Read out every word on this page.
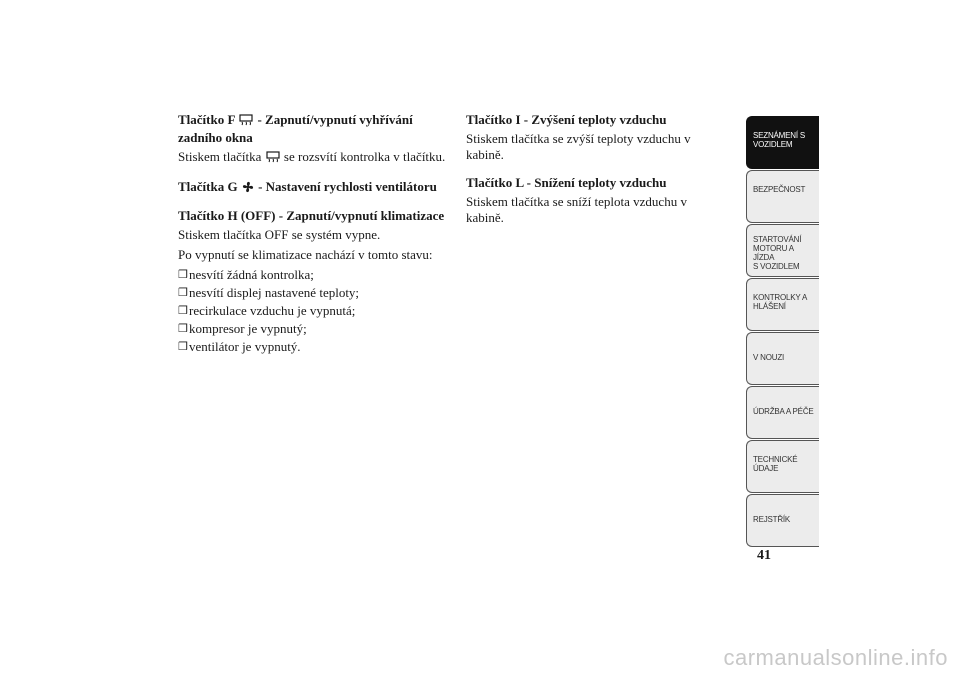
Tlačítko F  - Zapnutí/vypnutí vyhřívání zadního okna
Stiskem tlačítka  se rozsvítí kontrolka v tlačítku.
Tlačítka G  - Nastavení rychlosti ventilátoru
Tlačítko H (OFF) - Zapnutí/vypnutí klimatizace
Stiskem tlačítka OFF se systém vypne.
Po vypnutí se klimatizace nachází v tomto stavu:
❒ nesvítí žádná kontrolka;
❒ nesvítí displej nastavené teploty;
❒ recirkulace vzduchu je vypnutá;
❒ kompresor je vypnutý;
❒ ventilátor je vypnutý.
Tlačítko I - Zvýšení teploty vzduchu
Stiskem tlačítka se zvýší teploty vzduchu v kabině.
Tlačítko L - Snížení teploty vzduchu
Stiskem tlačítka se sníží teplota vzduchu v kabině.
SEZNÁMENÍ S
VOZIDLEM
BEZPEČNOST
STARTOVÁNÍ
MOTORU A JÍZDA
S VOZIDLEM
KONTROLKY A
HLÁŠENÍ
V NOUZI
ÚDRŽBA A PÉČE
TECHNICKÉ
ÚDAJE
REJSTŘÍK
41
carmanualsonline.info
